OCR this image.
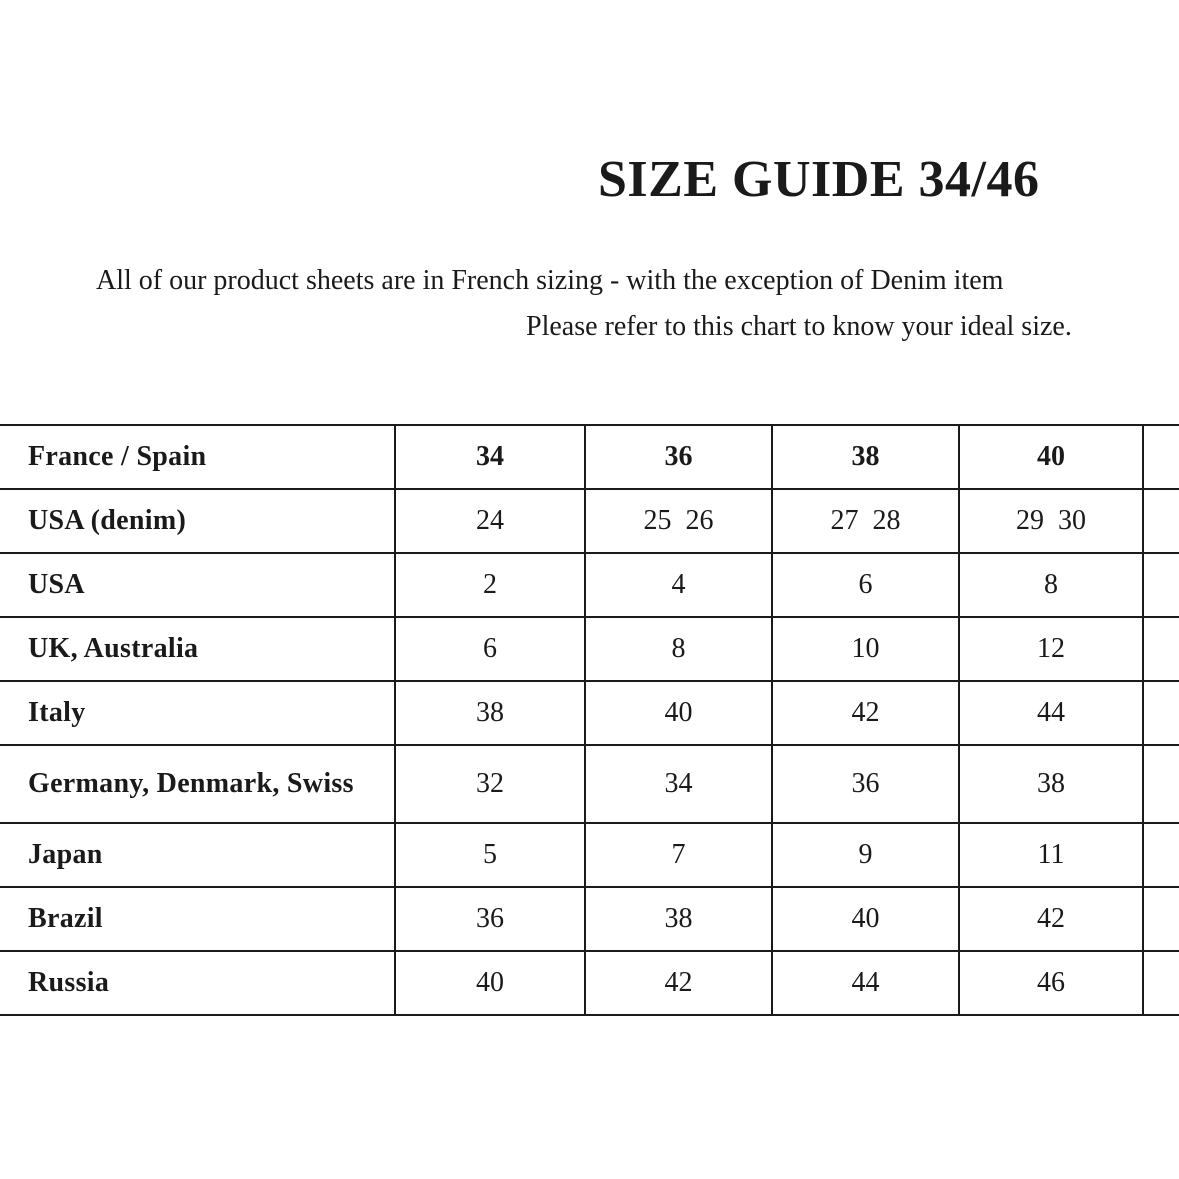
SIZE GUIDE 34/46
All of our product sheets are in French sizing - with the exception of Denim item
Please refer to this chart to know your ideal size.
France / Spain	34	36	38	40	
USA (denim)	24	25  26	27  28	29  30	
USA	2	4	6	8	
UK, Australia	6	8	10	12	
Italy	38	40	42	44	
Germany, Denmark, Swiss	32	34	36	38	
Japan	5	7	9	11	
Brazil	36	38	40	42	
Russia	40	42	44	46	
